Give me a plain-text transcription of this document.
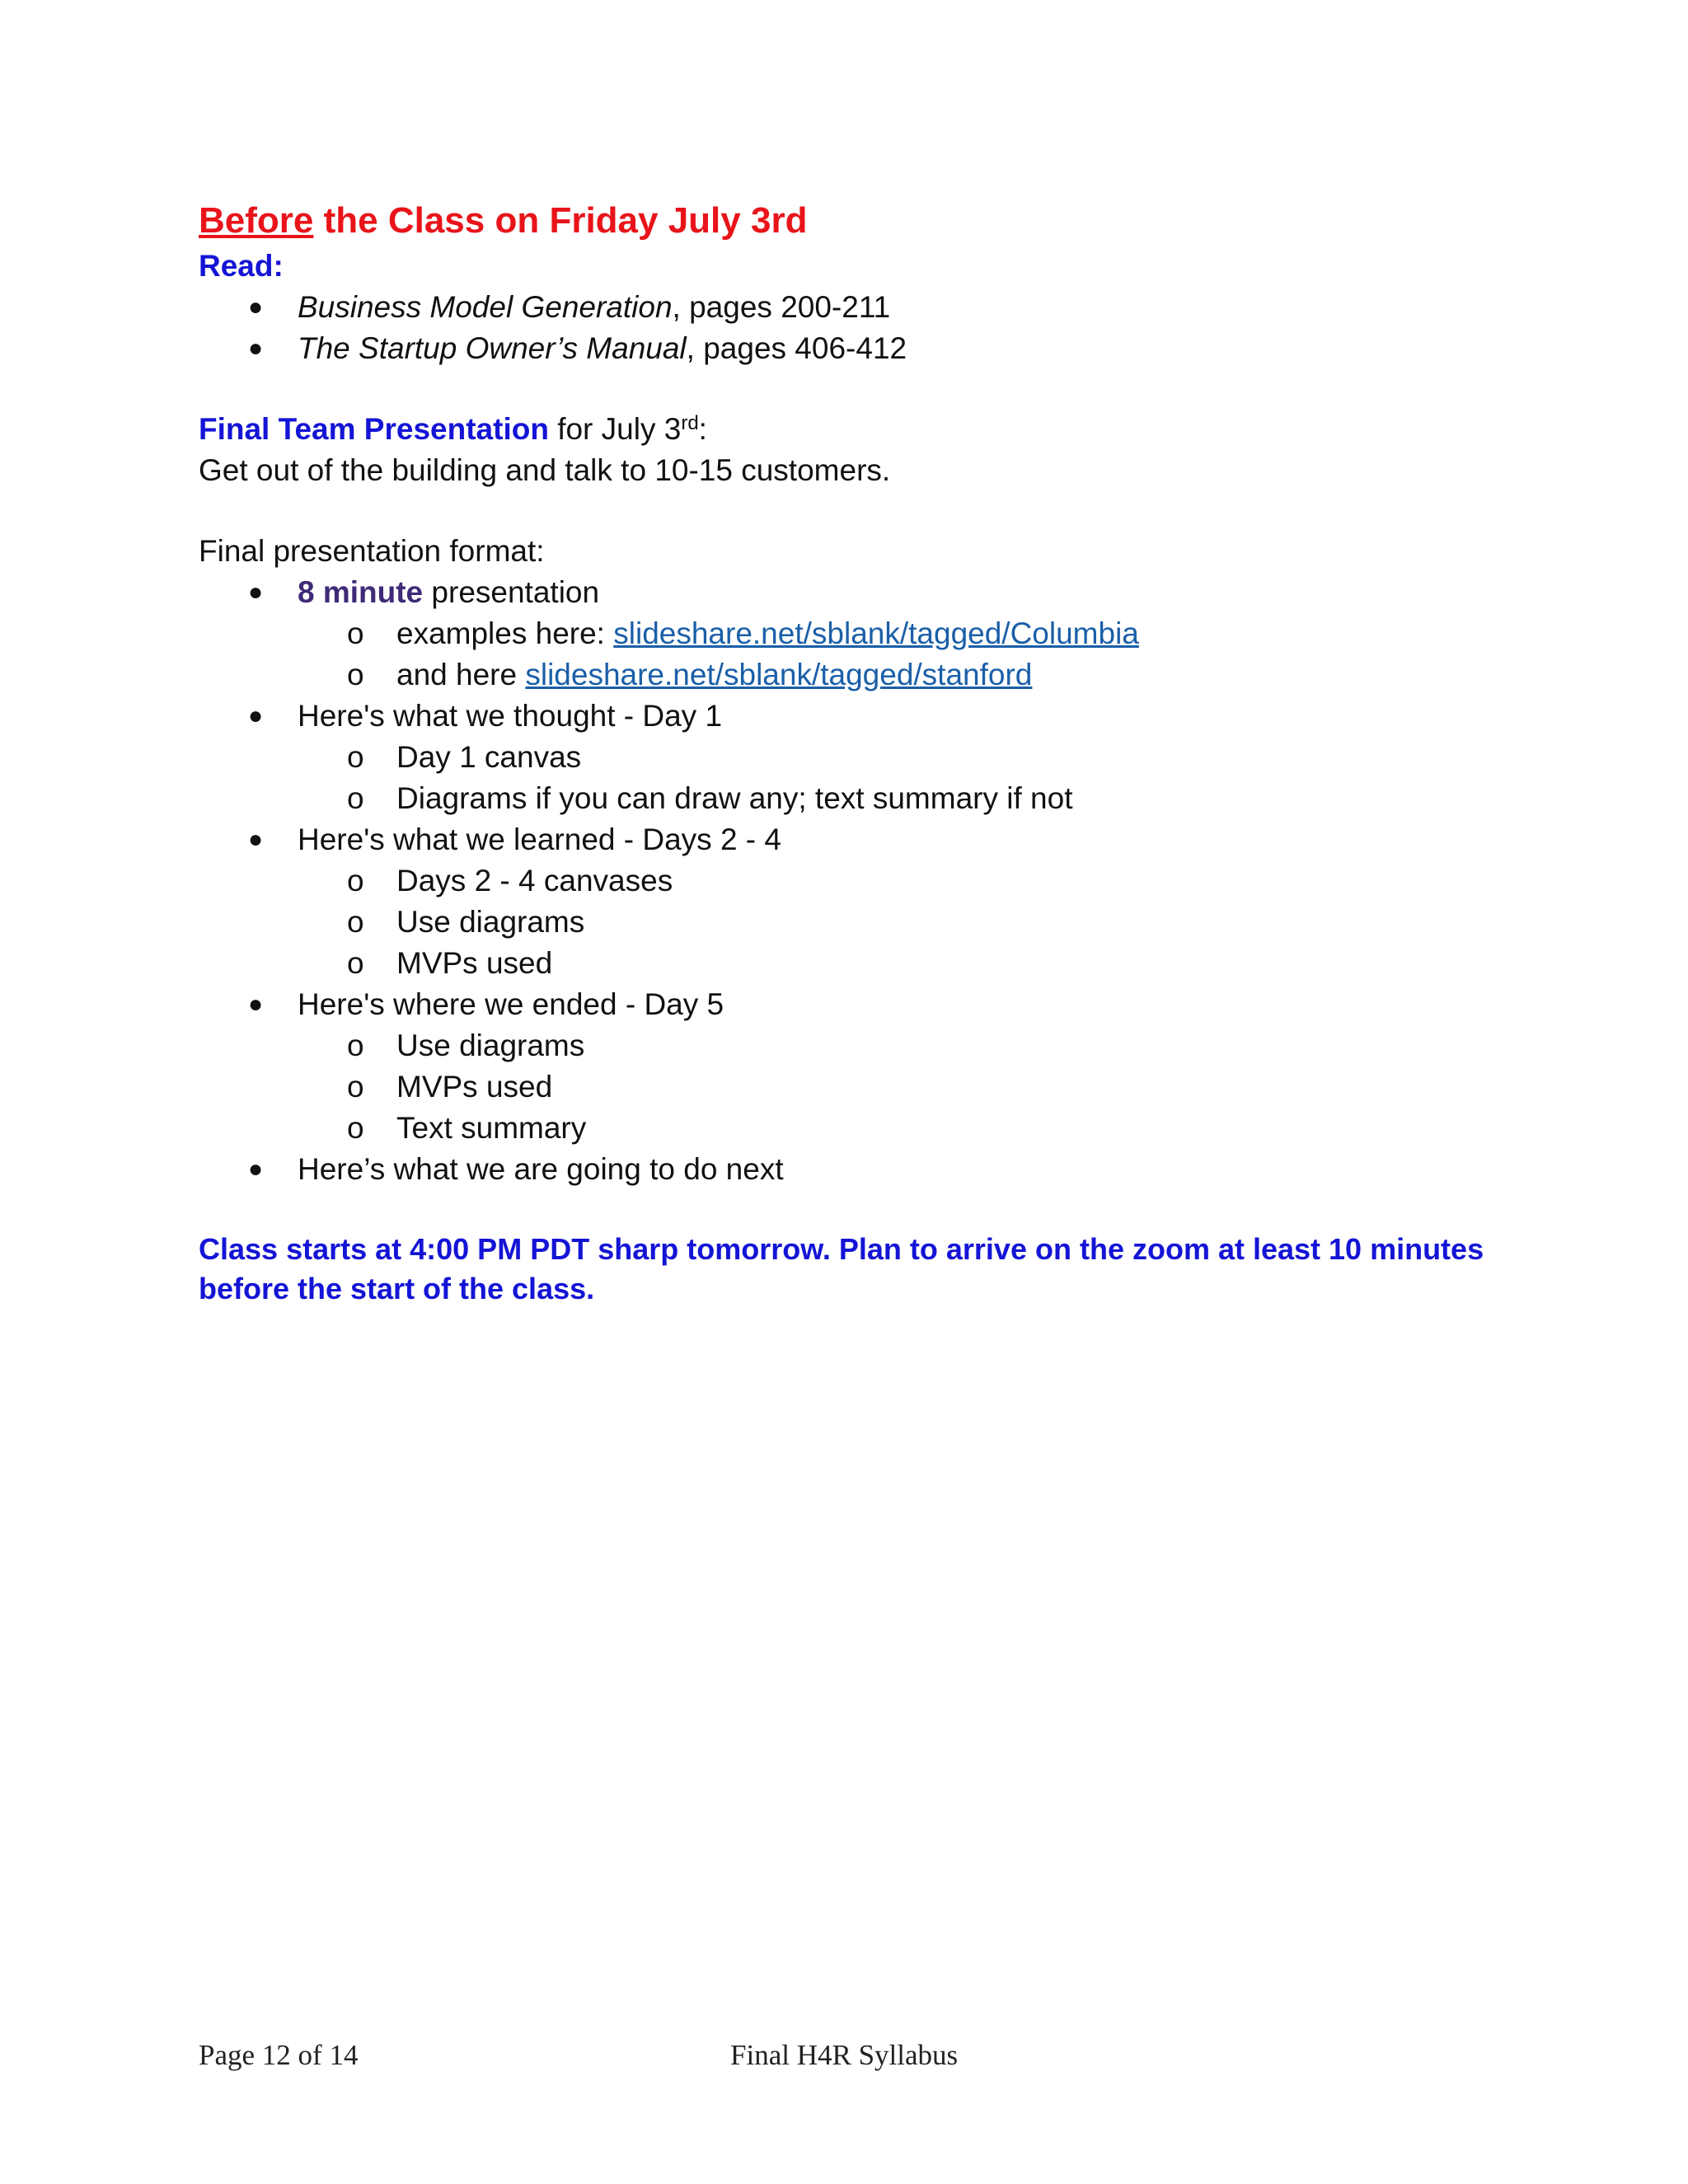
Before the Class on Friday July 3rd

Read:

● Business Model Generation, pages 200-211
● The Startup Owner’s Manual, pages 406-412

Final Team Presentation for July 3rd:

Get out of the building and talk to 10-15 customers.

Final presentation format:

● 8 minute presentation
o examples here: slideshare.net/sblank/tagged/Columbia
o and here slideshare.net/sblank/tagged/stanford
● Here's what we thought - Day 1
o Day 1 canvas
o Diagrams if you can draw any; text summary if not
● Here's what we learned - Days 2 - 4
o Days 2 - 4 canvases
o Use diagrams
o MVPs used
● Here's where we ended - Day 5
o Use diagrams
o MVPs used
o Text summary
● Here’s what we are going to do next

Class starts at 4:00 PM PDT sharp tomorrow. Plan to arrive on the zoom at least 10 minutes before the start of the class.

Page 12 of 14	Final H4R Syllabus
